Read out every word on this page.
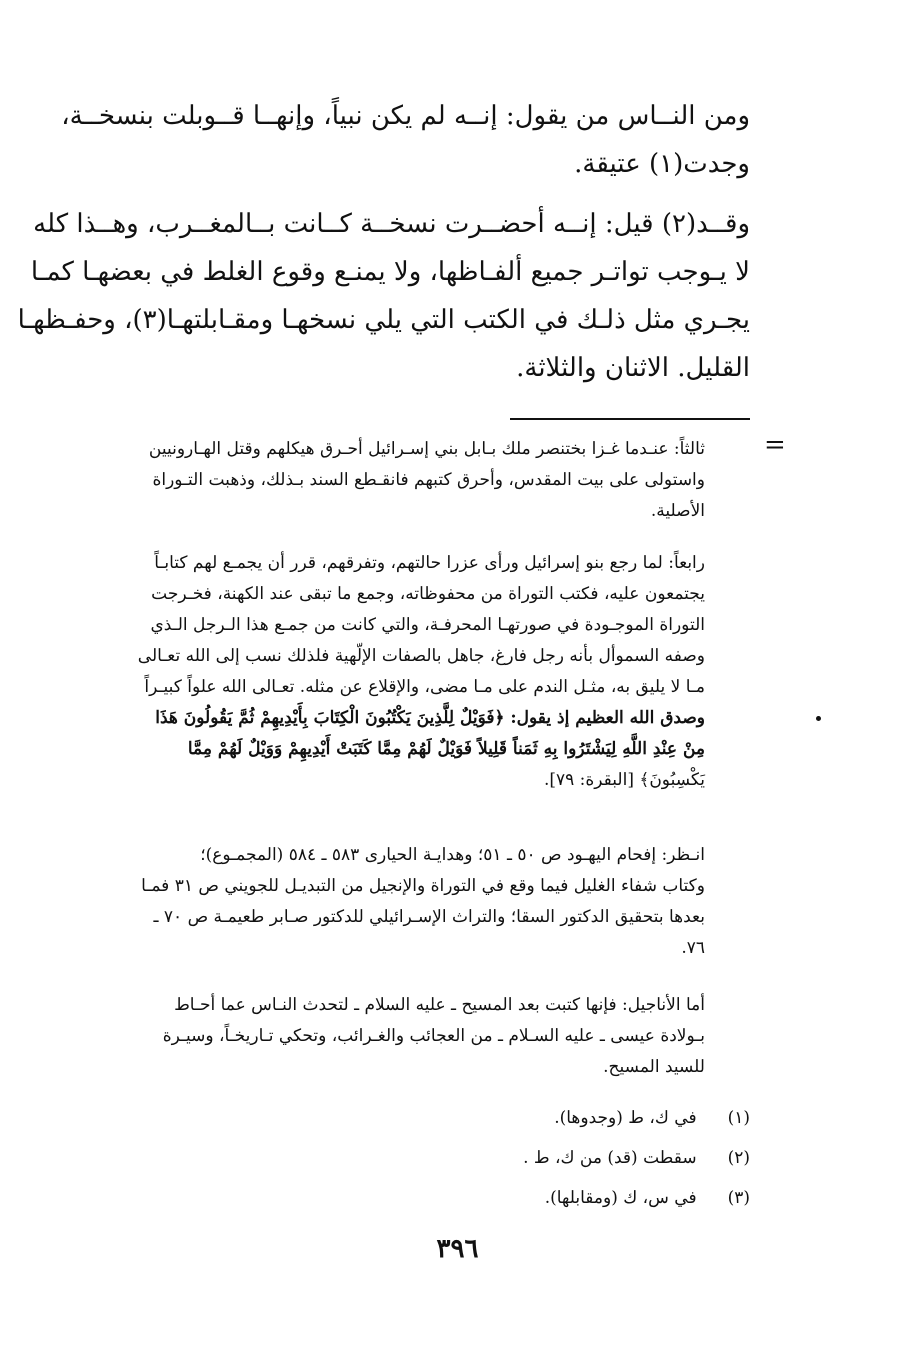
ومن النــاس من يقول: إنــه لم يكن نبياً، وإنهــا قــوبلت بنسخــة،
وجدت(١) عتيقة.
وقــد(٢) قيل: إنــه أحضــرت نسخــة كــانت بــالمغــرب، وهــذا كله
لا يـوجب تواتـر جميع ألفـاظها، ولا يمنـع وقوع الغلط في بعضهـا كمـا
يجـري مثل ذلـك في الكتب التي يلي نسخهـا ومقـابلتهـا(٣)، وحفـظهـا
القليل. الاثنان والثلاثة.
=
ثالثاً: عنـدما غـزا بختنصر ملك بـابل بني إسـرائيل أحـرق هيكلهم وقتل الهـارونيين
واستولى على بيت المقدس، وأحرق كتبهم فانقـطع السند بـذلك، وذهبت التـوراة
الأصلية.
رابعاً: لما رجع بنو إسرائيل ورأى عزرا حالتهم، وتفرقهم، قرر أن يجمـع لهم كتابـاً
يجتمعون عليه، فكتب التوراة من محفوظاته، وجمع ما تبقى عند الكهنة، فخـرجت
التوراة الموجـودة في صورتهـا المحرفـة، والتي كانت من جمـع هذا الـرجل الـذي
وصفه السموأل بأنه رجل فارغ، جاهل بالصفات الإلّهية فلذلك نسب إلى الله تعـالى
مـا لا يليق به، مثـل الندم على مـا مضى، والإقلاع عن مثله. تعـالى الله علواً كبيـراً
وصدق الله العظيم إذ يقول: ﴿فَوَيْلٌ لِلَّذِينَ يَكْتُبُونَ الْكِتَابَ بِأَيْدِيهِمْ ثُمَّ يَقُولُونَ هَذَا
مِنْ عِنْدِ اللَّهِ لِيَشْتَرُوا بِهِ ثَمَناً قَلِيلاً فَوَيْلٌ لَهُمْ مِمَّا كَتَبَتْ أَيْدِيهِمْ وَوَيْلٌ لَهُمْ مِمَّا
يَكْسِبُونَ﴾ [البقرة: ٧٩].
انـظر: إفحام اليهـود ص ٥٠ ـ ٥١؛ وهدايـة الحيارى ٥٨٣ ـ ٥٨٤ (المجمـوع)؛
وكتاب شفاء الغليل فيما وقع في التوراة والإنجيل من التبديـل للجويني ص ٣١ فمـا
بعدها بتحقيق الدكتور السقا؛ والتراث الإسـرائيلي للدكتور صـابر طعيمـة ص ٧٠ ـ
٧٦.
أما الأناجيل: فإنها كتبت بعد المسيح ـ عليه السلام ـ لتحدث النـاس عما أحـاط
بـولادة عيسى ـ عليه السـلام ـ من العجائب والغـرائب، وتحكي تـاريخـاً، وسيـرة
للسيد المسيح.
(١) في ك، ط (وجدوها).
(٢) سقطت (قد) من ك، ط .
(٣) في س، ك (ومقابلها).
٣٩٦
